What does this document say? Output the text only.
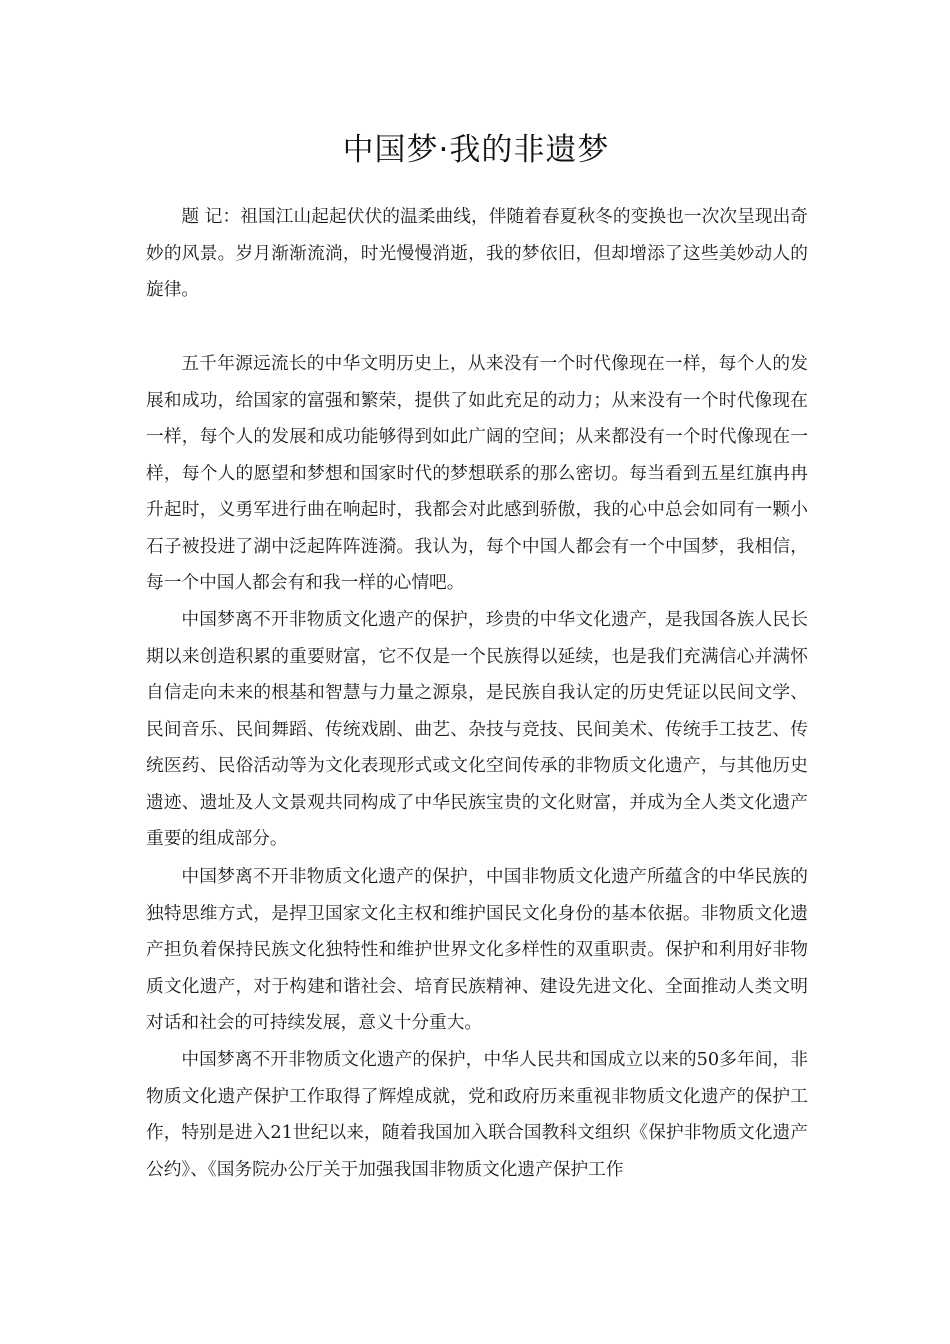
中国梦·我的非遗梦

题 记：祖国江山起起伏伏的温柔曲线，伴随着春夏秋冬的变换也一次次呈现出奇妙的风景。岁月渐渐流淌，时光慢慢消逝，我的梦依旧，但却增添了这些美妙动人的旋律。

五千年源远流长的中华文明历史上，从来没有一个时代像现在一样，每个人的发展和成功，给国家的富强和繁荣，提供了如此充足的动力；从来没有一个时代像现在一样，每个人的发展和成功能够得到如此广阔的空间；从来都没有一个时代像现在一样，每个人的愿望和梦想和国家时代的梦想联系的那么密切。每当看到五星红旗冉冉升起时，义勇军进行曲在响起时，我都会对此感到骄傲，我的心中总会如同有一颗小石子被投进了湖中泛起阵阵涟漪。我认为，每个中国人都会有一个中国梦，我相信，每一个中国人都会有和我一样的心情吧。

中国梦离不开非物质文化遗产的保护，珍贵的中华文化遗产，是我国各族人民长期以来创造积累的重要财富，它不仅是一个民族得以延续，也是我们充满信心并满怀自信走向未来的根基和智慧与力量之源泉，是民族自我认定的历史凭证以民间文学、民间音乐、民间舞蹈、传统戏剧、曲艺、杂技与竞技、民间美术、传统手工技艺、传统医药、民俗活动等为文化表现形式或文化空间传承的非物质文化遗产，与其他历史遗迹、遗址及人文景观共同构成了中华民族宝贵的文化财富，并成为全人类文化遗产重要的组成部分。

中国梦离不开非物质文化遗产的保护，中国非物质文化遗产所蕴含的中华民族的独特思维方式，是捍卫国家文化主权和维护国民文化身份的基本依据。非物质文化遗产担负着保持民族文化独特性和维护世界文化多样性的双重职责。保护和利用好非物质文化遗产，对于构建和谐社会、培育民族精神、建设先进文化、全面推动人类文明对话和社会的可持续发展，意义十分重大。

中国梦离不开非物质文化遗产的保护，中华人民共和国成立以来的50多年间，非物质文化遗产保护工作取得了辉煌成就，党和政府历来重视非物质文化遗产的保护工作，特别是进入21世纪以来，随着我国加入联合国教科文组织《保护非物质文化遗产公约》、《国务院办公厅关于加强我国非物质文化遗产保护工作
